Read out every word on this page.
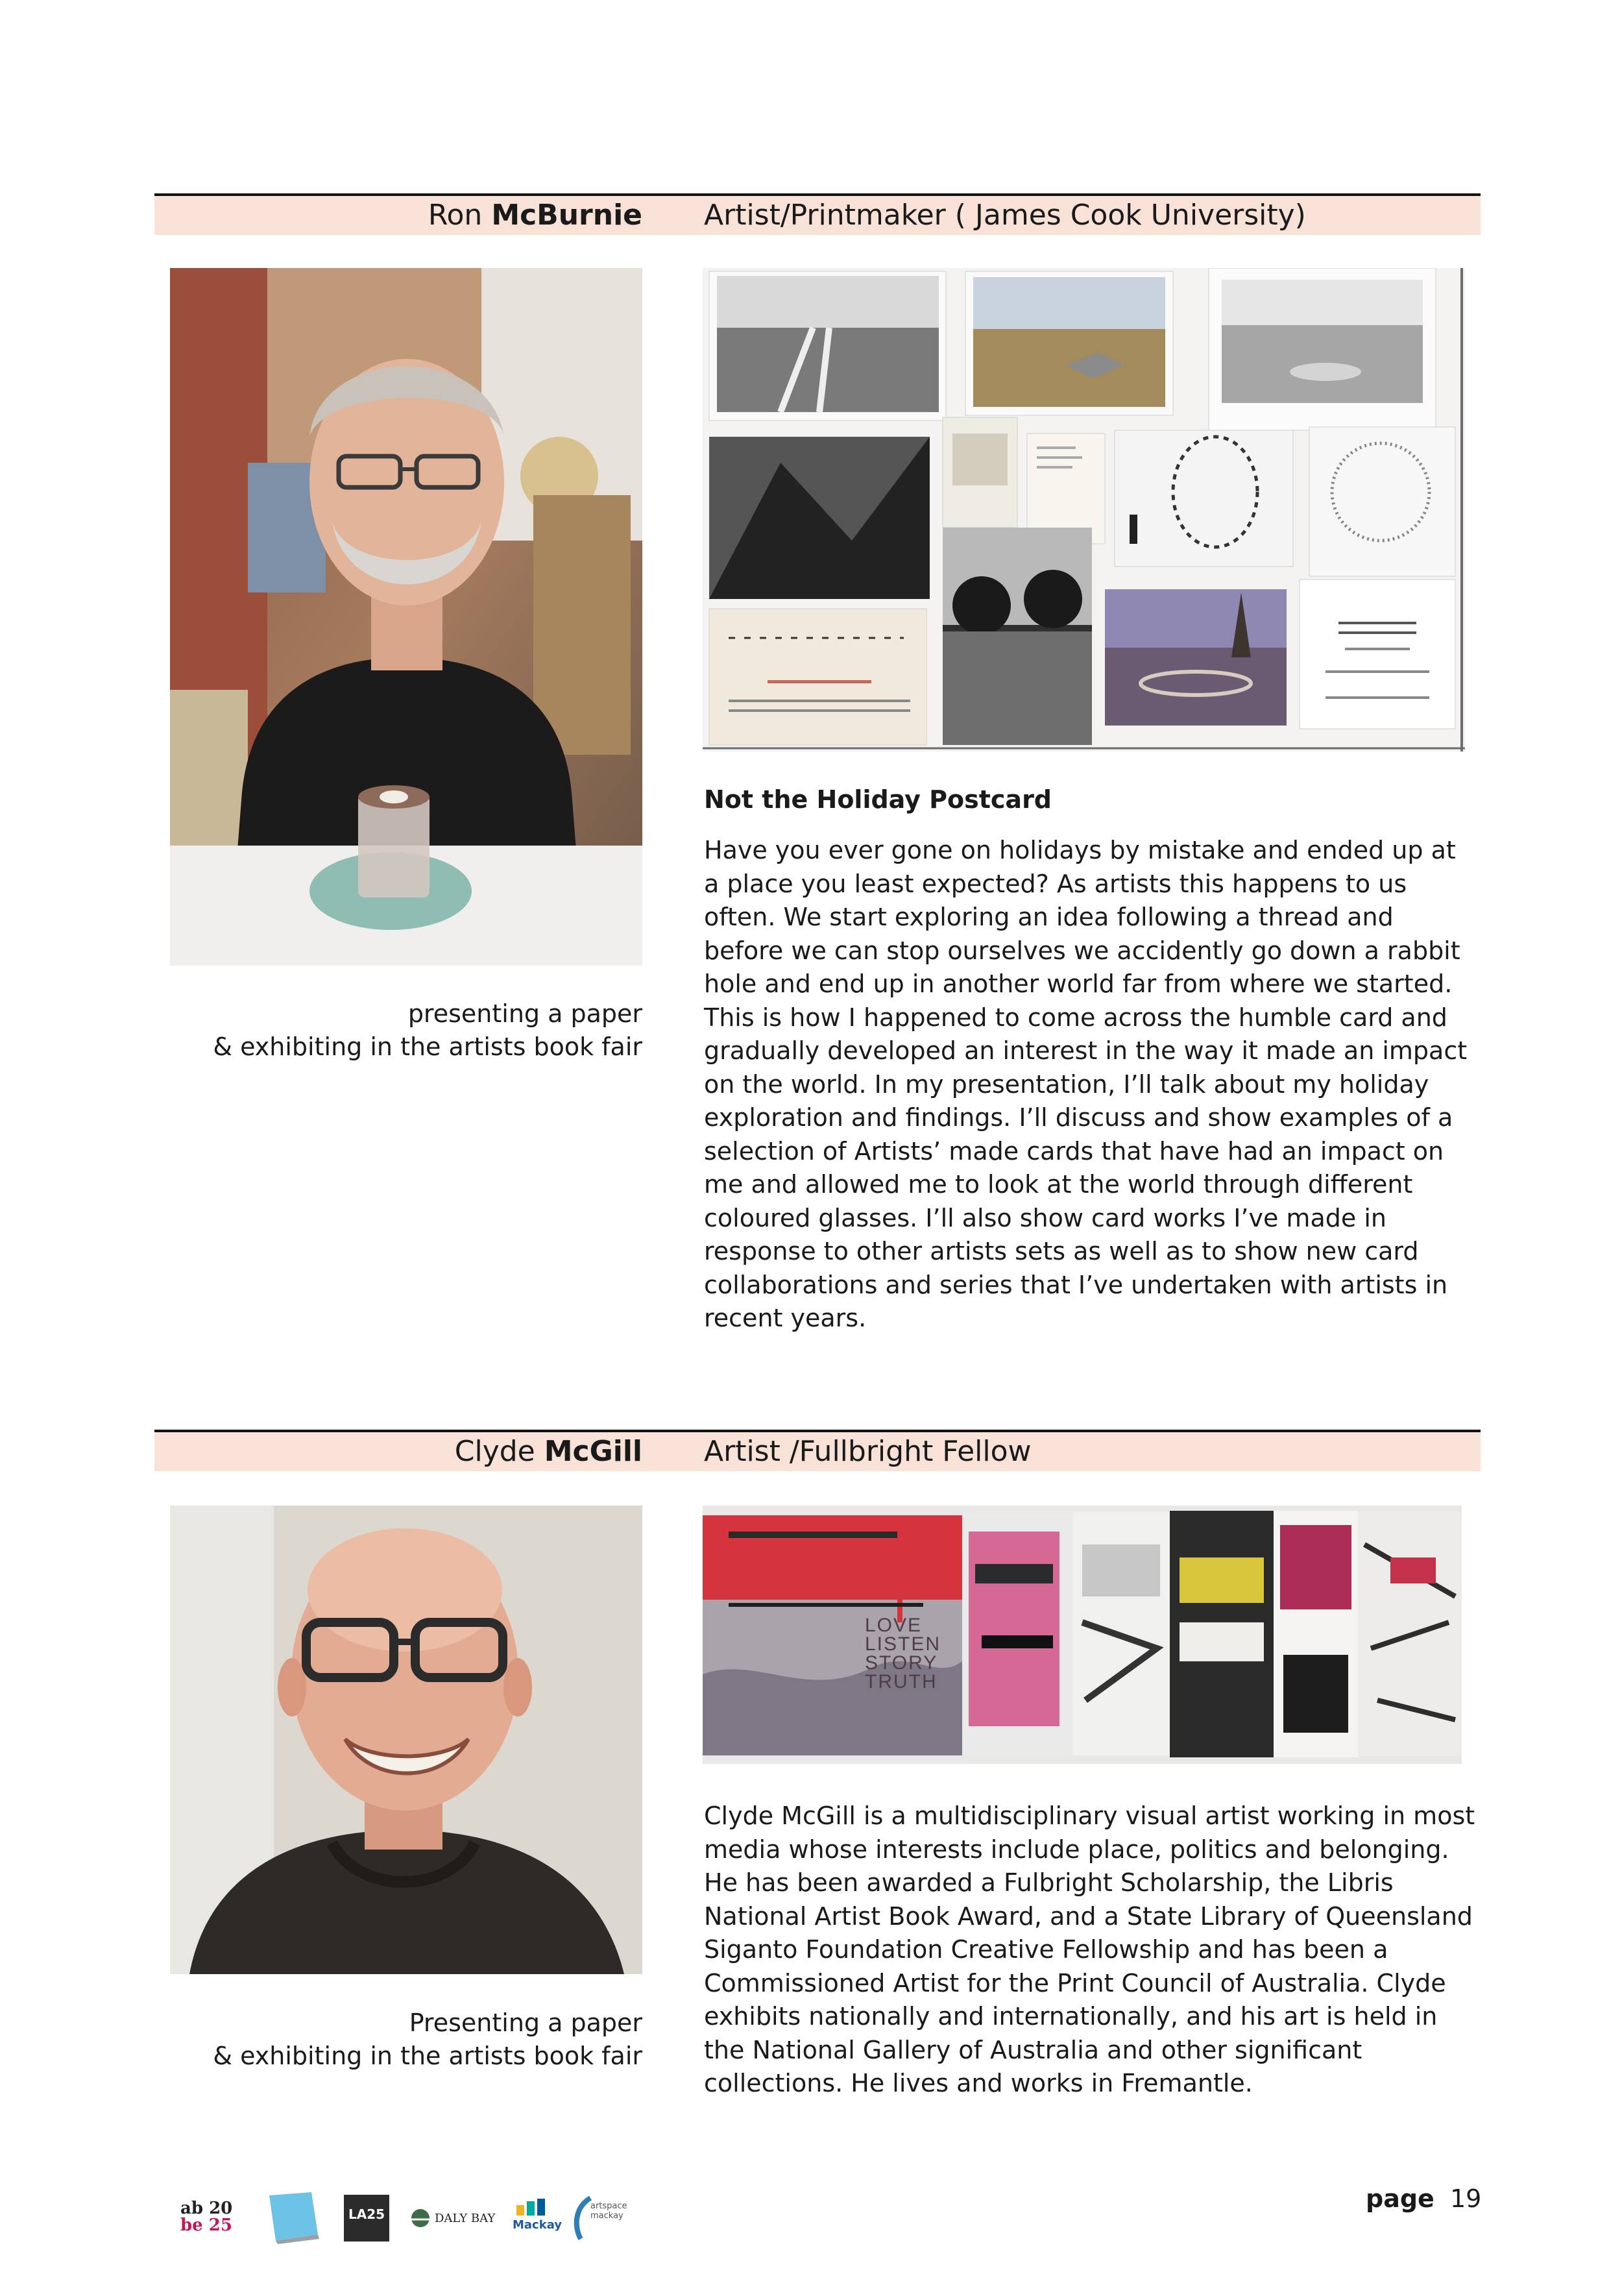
Ron McBurnie Artist/Printmaker ( James Cook University)
presenting a paper
& exhibiting in the artists book fair
Not the Holiday Postcard
Have you ever gone on holidays by mistake and ended up at a place you least expected? As artists this happens to us often. We start exploring an idea following a thread and before we can stop ourselves we accidently go down a rabbit hole and end up in another world far from where we started. This is how I happened to come across the humble card and gradually developed an interest in the way it made an impact on the world. In my presentation, I’ll talk about my holiday exploration and findings. I’ll discuss and show examples of a selection of Artists’ made cards that have had an impact on me and allowed me to look at the world through different coloured glasses. I’ll also show card works I’ve made in response to other artists sets as well as to show new card collaborations and series that I’ve undertaken with artists in recent years.
Clyde McGill Artist /Fullbright Fellow
Presenting a paper
& exhibiting in the artists book fair
LOVE
LISTEN
STORY
TRUTH
Clyde McGill is a multidisciplinary visual artist working in most media whose interests include place, politics and belonging. He has been awarded a Fulbright Scholarship, the Libris National Artist Book Award, and a State Library of Queensland Siganto Foundation Creative Fellowship and has been a Commissioned Artist for the Print Council of Australia. Clyde exhibits nationally and internationally, and his art is held in the National Gallery of Australia and other significant collections. He lives and works in Fremantle.
ab 20
be 25
LA25	DALY BAY Mackay
artspace mackay
page 19
